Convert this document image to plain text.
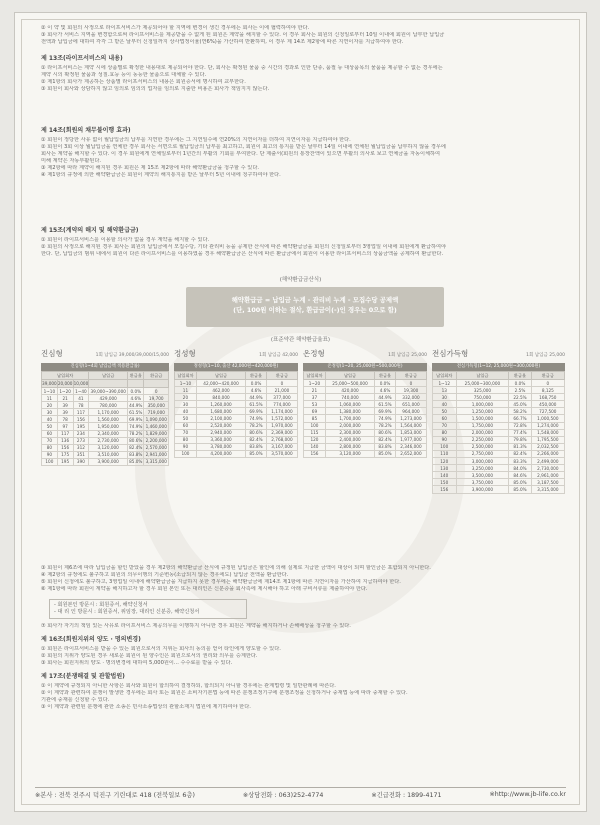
② 이 약 및 회원의 사정으로 라이프서비스가 제공되어야 할 지역에 변경이 생긴 경우에는 회사는 이에 협력하여야 한다.
③ 회사가 서비스 지역을 변경함으로써 라이프서비스를 제공받을 수 없게 된 회원은 계약을 해지할 수 있다. 이 경우 회사는 회원의 신청일로부터 10일 이내에 회원이 납부한 납입금
전액과 납입금에 대하여 각각 그 받은 날부터 신청일까지 상사법정이율(연6%)을 가산하여 반환하며, 이 경우 제 14조 제2항에 따른 지연이자를 지급하여야 한다.
제 13조(라이프서비스의 내용)
① 라이프서비스는 계약 시에 상품별로 확정한 내용대로 제공되어야 한다. 단, 회사는 확정된 물품 중 시간의 경과로 인한 단종, 품절 등 대상품목의 물품을 제공할 수 없는 경우에는
계약 시의 확정된 물품과 성질.효능 등이 동등한 물품으로 대체할 수 있다.
② 제1항의 회사가 제공하는 상품별 라이프서비스의 내용은 회원증서에 명시하여 교부한다.
③ 회원이 회사와 상담하지 않고 임의로 임의의 업자를 임의로 지출한 비용은 회사가 책임지지 않는다.
제 14조(회원의 채무불이행 효과)
① 회원이 정당한 사유 없이 월납입금의 납부를 지연한 경우에는 그 지연일수에 연20%의 지연이자를 더하여 지연이자를 지급하여야 한다.
② 회원이 3회 이상 월납입금을 연체한 경우 회사는 서면으로 월납입금의 납부를 최고하고, 회원이 최고의 통지를 받은 날부터 14일 이내에 연체된 월납입금을 납부하지 않을 경우에
회사는 계약을 해지할 수 있다. 이 경우 회원에게 연체일로부터 1년간의 부활의 기회를 부여한다. 단 제출서(회원의 통장잔액이 있으면 부활의 의사로 보고 연체금을 자동이체하여
미해 계약은 자동부활된다.
③ 제2항에 따라 계약이 해지된 경우 회원은 제 15조 제2항에 따라 해약환급금을 청구할 수 있다.
④ 제1항의 규정에 의한 해약환급금은 회원이 계약의 해지통지를 받은 날부터 5년 이내에 청구하여야 한다.
제 15조(계약의 해지 및 해약환급금)
① 회원이 라이프서비스를 이용할 의사가 없을 경우 계약을 해지할 수 있다.
② 회원의 사정으로 해지된 경우 회사는 회원의 납입금에서 모집수당, 기타 관리비 등을 공제한 산식에 따른 해약환급금을 회원의 신청일로부터 3영업일 이내에 회원에게 환급하여야
한다. 단, 납입금의 범위 내에서 회원이 다른 라이프서비스를 이용하였을 경우 해약환급금은 산식에 따른 환급금에서 회원이 이용한 라이프서비스의 상품금액을 공제하여 환급한다.
(해약환급금산식)
해약환급금 = 납입금 누계 - 관리비 누계 - 모집수당 공제액
(단, 100원 이하는 절삭, 환급금이(-)인 경우는 0으로 함)
(표준약관 해약환급율표)
진심형	1회 납입금 39,000/39,000/15,000
진심형(1~4회 납입금액 적용환급률)
납입회차			납입금	환급율	환급금
39,000	20,000	10,000			
1~10	1~20	1~40	39,000~390,000	0.0%	0
11	21	41	429,000	4.6%	19,700
20	39	78	780,000	44.9%	350,000
30	39	117	1,170,000	61.5%	719,000
40	78	156	1,560,000	69.9%	1,090,000
50	97	195	1,950,000	74.9%	1,460,000
60	117	234	2,340,000	78.2%	1,829,000
70	136	273	2,730,000	80.6%	2,200,000
80	156	312	3,120,000	82.4%	2,570,000
90	175	351	3,510,000	83.8%	2,941,000
100	195	390	3,900,000	85.0%	3,315,000
정성형	1회 납입금 42,000
정성형(1~10, 출산 42,000원~420,000원)
납입회차	납입금	환급율	환급금
1~10	42,000~420,000	0.0%	0
11	462,000	4.6%	21,000
20	840,000	44.9%	377,000
30	1,260,000	61.5%	774,000
40	1,680,000	69.9%	1,174,000
50	2,100,000	74.9%	1,572,000
60	2,520,000	78.2%	1,970,000
70	2,940,000	80.6%	2,369,000
80	3,360,000	82.4%	2,768,000
90	3,780,000	83.8%	3,167,000
100	4,200,000	85.0%	3,570,000
온정형	1회 납입금 25,000
온정형(1~20, 25,000원~500,000원)
납입회차	납입금	환급율	환급금
1~20	25,000~500,000	0.0%	0
21	420,000	4.6%	19,300
37	740,000	44.9%	332,000
53	1,060,000	61.5%	651,000
69	1,380,000	69.9%	964,000
85	1,700,000	74.9%	1,273,000
100	2,000,000	78.2%	1,564,000
115	2,300,000	80.6%	1,853,000
120	2,400,000	82.4%	1,977,000
140	2,800,000	83.8%	2,346,000
156	3,120,000	85.0%	2,652,000
전심가득형	1회 납입금 25,000
전심가득형(1~12, 25,000원~300,000원)
납입회차	납입금	환급율	환급금
1~12	25,000~300,000	0.0%	0
13	325,000	2.5%	8,125
30	750,000	22.5%	168,750
40	1,000,000	45.0%	450,000
50	1,250,000	58.2%	727,500
60	1,500,000	66.7%	1,000,500
70	1,750,000	72.8%	1,274,000
80	2,000,000	77.4%	1,548,000
90	2,250,000	79.8%	1,795,500
100	2,500,000	81.3%	2,032,500
110	2,750,000	82.4%	2,266,000
120	3,000,000	83.3%	2,499,000
130	3,250,000	84.0%	2,730,000
140	3,500,000	84.6%	2,961,000
150	3,750,000	85.0%	3,187,500
156	3,900,000	85.0%	3,315,000
③ 회원이 제6조에 따라 납입금을 할인 받았을 경우 제2항의 해약환급금 산식에 규정된 납입금은 할인에 의해 실제로 지급한 금액이 대상이 되며 할인금은 포함되지 아니한다.
④ 제2항의 규정에도 불구하고 회원의 의무이행의 기준변동(소급되지 않는 경우에도) 납입금 전액을 환급한다.
⑤ 회원이 신청에도 불구하고, 3영업일 이내에 해약환급금을 지급하지 못한 경우에는 해약환급금에 제14조 제1항에 따른 지연이자를 가산하여 지급하여야 한다.
⑥ 제1항에 따라 회원이 계약을 해지하고자 할 경우 회원 본인 또는 대리인은 신분증을 회사측에 제시해야 하고 아래 구비서류를 제출하여야 한다.
- 회원본인 방문시 : 회원증서, 해약신청서
- 대 리 인 방문시 : 회원증서, 위임장, 대리인 신분증, 해약신청서
⑦ 회사가 자기의 책임 있는 사유로 라이프서비스 제공의무를 이행하지 아니한 경우 회원은 계약을 해지하거나 손해배상을 청구할 수 있다.
제 16조(회원지위의 양도 · 명의변경)
① 회원은 라이프서비스를 받을 수 있는 회원으로서의 지위는 회사의 동의를 얻어 타인에게 양도할 수 있다.
② 회원의 지위가 양도된 경우 새로운 회원이 된 양수인은 회원으로서의 권리와 의무를 승계한다.
③ 회사는 회원지위의 양도 · 명의변경에 대하여 5,000원이... 수수료를 받을 수 있다.
제 17조(분쟁해결 및 관할법원)
① 이 계약에 규정되지 아니한 사항은 회사와 회원이 합의하여 결정하되, 합의되지 아니할 경우에는 관계법령 및 일반관례에 따른다.
② 이 계약과 관련하여 분쟁이 발생한 경우에는 회사 또는 회원은 소비자기본법 등에 따른 분쟁조정기구에 분쟁조정을 신청하거나 중재법 등에 따라 중재할 수 있다.
기관에 중재를 신청할 수 있다.
③ 이 계약과 관련된 분쟁에 관한 소송은 민사소송법상의 관할소재지 법원에 제기하여야 한다.
※본사 : 전북 전주시 덕진구 기린대로 418 (전북일보 6층)	※상담전화 : 063)252-4774	※긴급전화 : 1899-4171	※http://www.jb-life.co.kr
